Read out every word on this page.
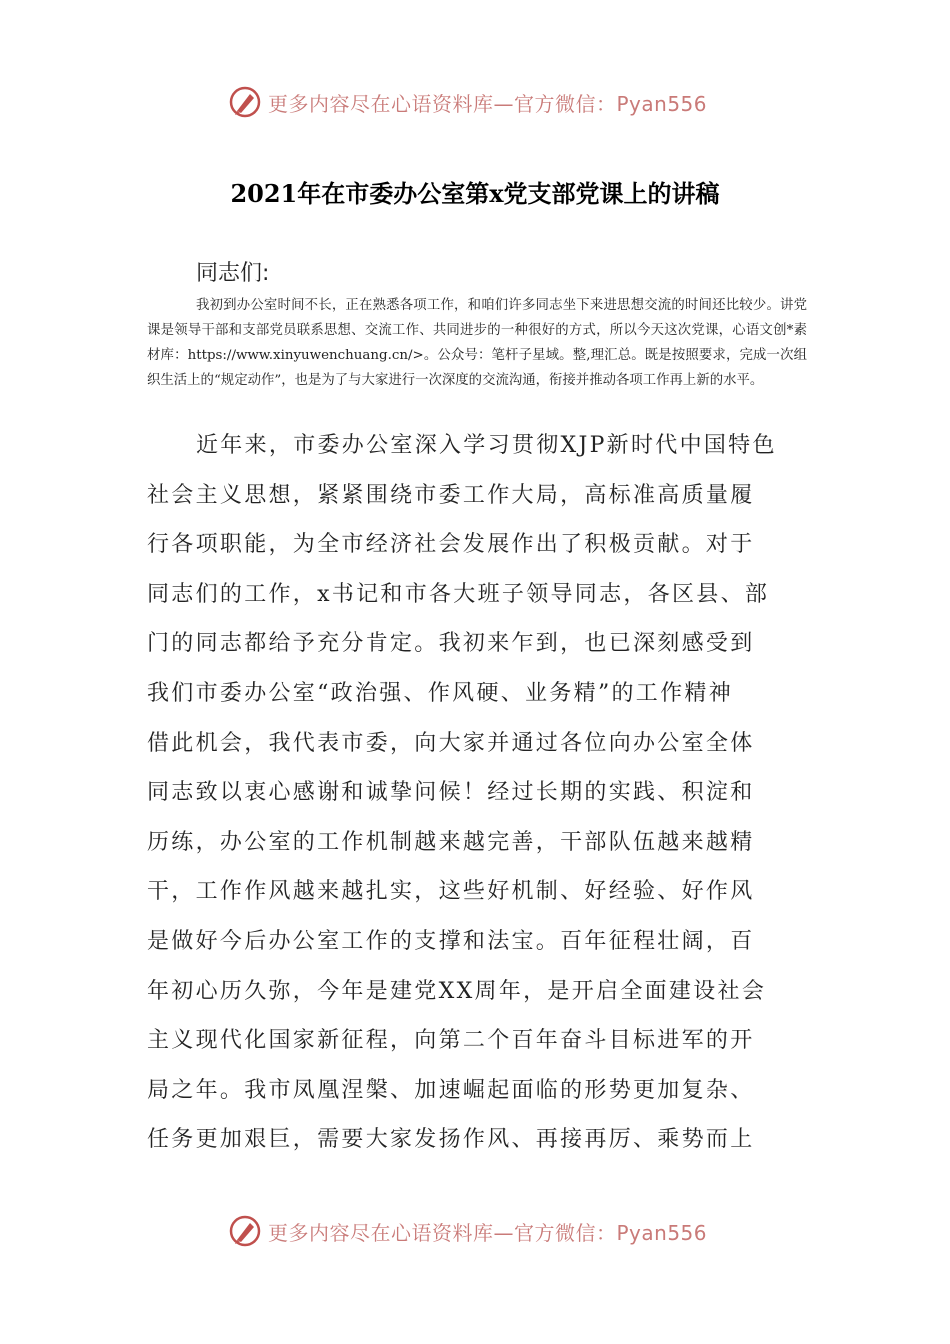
更多内容尽在心语资料库—官方微信：Pyan556
2021年在市委办公室第x党支部党课上的讲稿
同志们:

我初到办公室时间不长，正在熟悉各项工作，和咱们许多同志坐下来进思想交流的时间还比较少。讲党课是领导干部和支部党员联系思想、交流工作、共同进步的一种很好的方式，所以今天这次党课，心语文创*素材库：https://www.xinyuwenchuang.cn/>。公众号：笔杆子星域。整,理汇总。既是按照要求，完成一次组织生活上的“规定动作”，也是为了与大家进行一次深度的交流沟通，衔接并推动各项工作再上新的水平。

近年来，市委办公室深入学习贯彻XJP新时代中国特色

社会主义思想，紧紧围绕市委工作大局，高标准高质量履

行各项职能，为全市经济社会发展作出了积极贡献。对于

同志们的工作，x书记和市各大班子领导同志，各区县、部

门的同志都给予充分肯定。我初来乍到，也已深刻感受到

我们市委办公室“政治强、作风硬、业务精”的工作精神

借此机会，我代表市委，向大家并通过各位向办公室全体

同志致以衷心感谢和诚挚问候！经过长期的实践、积淀和

历练，办公室的工作机制越来越完善，干部队伍越来越精

干，工作作风越来越扎实，这些好机制、好经验、好作风

是做好今后办公室工作的支撑和法宝。百年征程壮阔，百

年初心历久弥，今年是建党XX周年，是开启全面建设社会

主义现代化国家新征程，向第二个百年奋斗目标进军的开

局之年。我市凤凰涅槃、加速崛起面临的形势更加复杂、

任务更加艰巨，需要大家发扬作风、再接再厉、乘势而上

更多内容尽在心语资料库—官方微信：Pyan556
